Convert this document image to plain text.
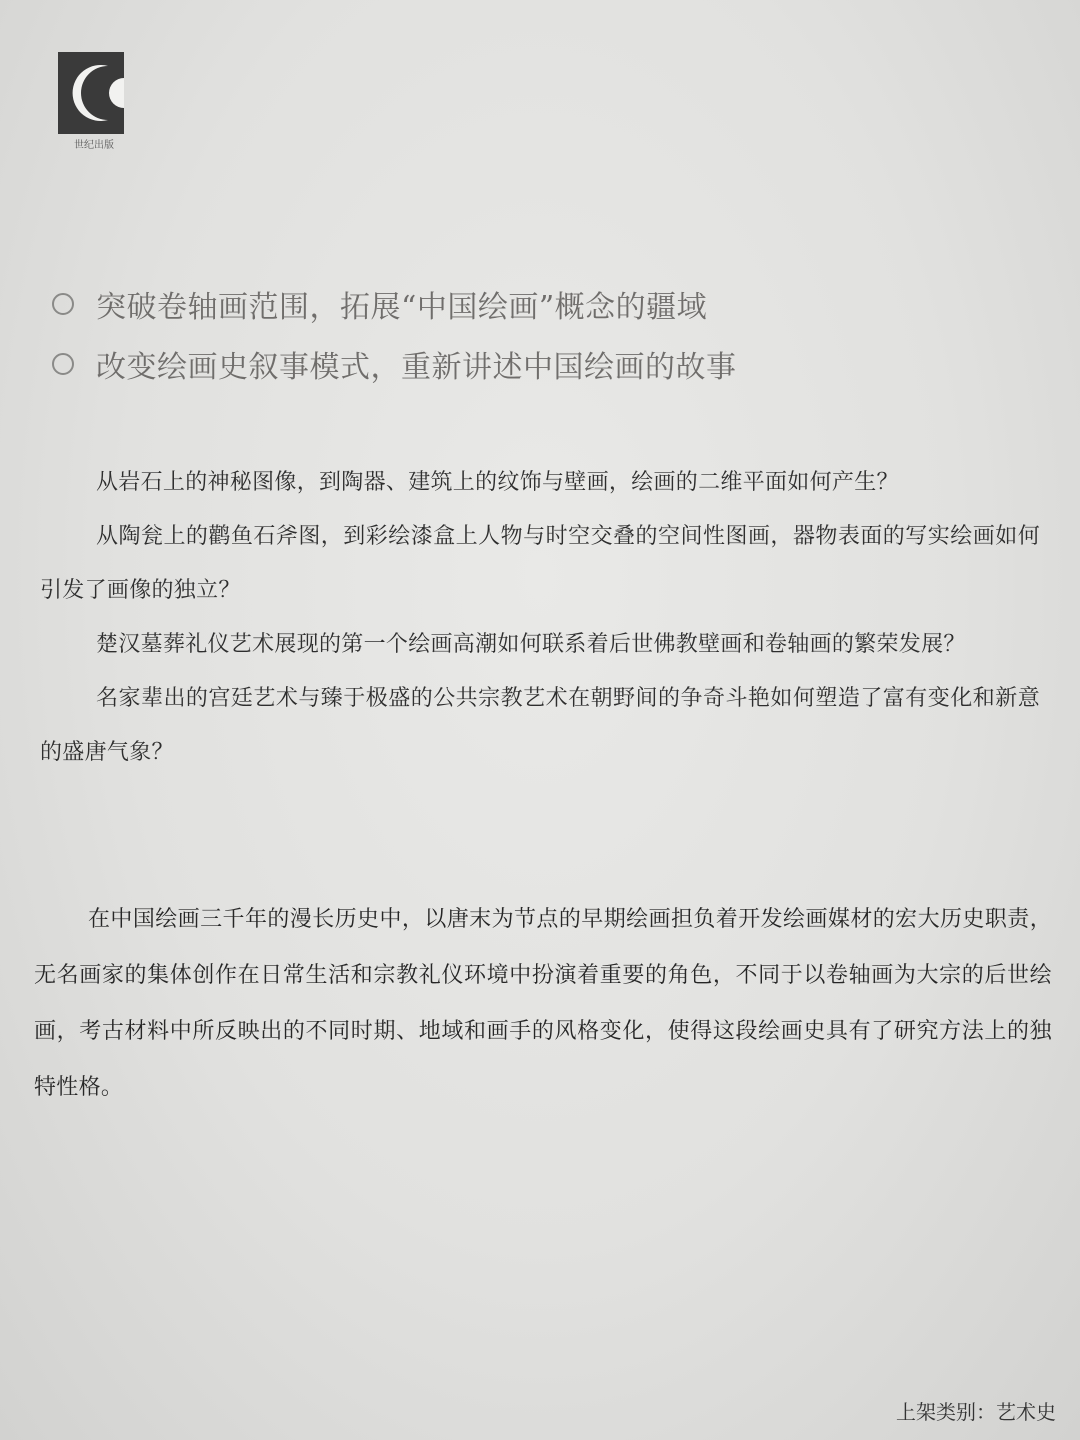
世纪出版
突破卷轴画范围，拓展“中国绘画”概念的疆域
改变绘画史叙事模式，重新讲述中国绘画的故事

从岩石上的神秘图像，到陶器、建筑上的纹饰与壁画，绘画的二维平面如何产生？

从陶瓮上的鹳鱼石斧图，到彩绘漆盒上人物与时空交叠的空间性图画，器物表面的写实绘画如何引发了画像的独立？

楚汉墓葬礼仪艺术展现的第一个绘画高潮如何联系着后世佛教壁画和卷轴画的繁荣发展？

名家辈出的宫廷艺术与臻于极盛的公共宗教艺术在朝野间的争奇斗艳如何塑造了富有变化和新意的盛唐气象？

在中国绘画三千年的漫长历史中，以唐末为节点的早期绘画担负着开发绘画媒材的宏大历史职责，无名画家的集体创作在日常生活和宗教礼仪环境中扮演着重要的角色，不同于以卷轴画为大宗的后世绘画，考古材料中所反映出的不同时期、地域和画手的风格变化，使得这段绘画史具有了研究方法上的独特性格。

上架类别：艺术史
